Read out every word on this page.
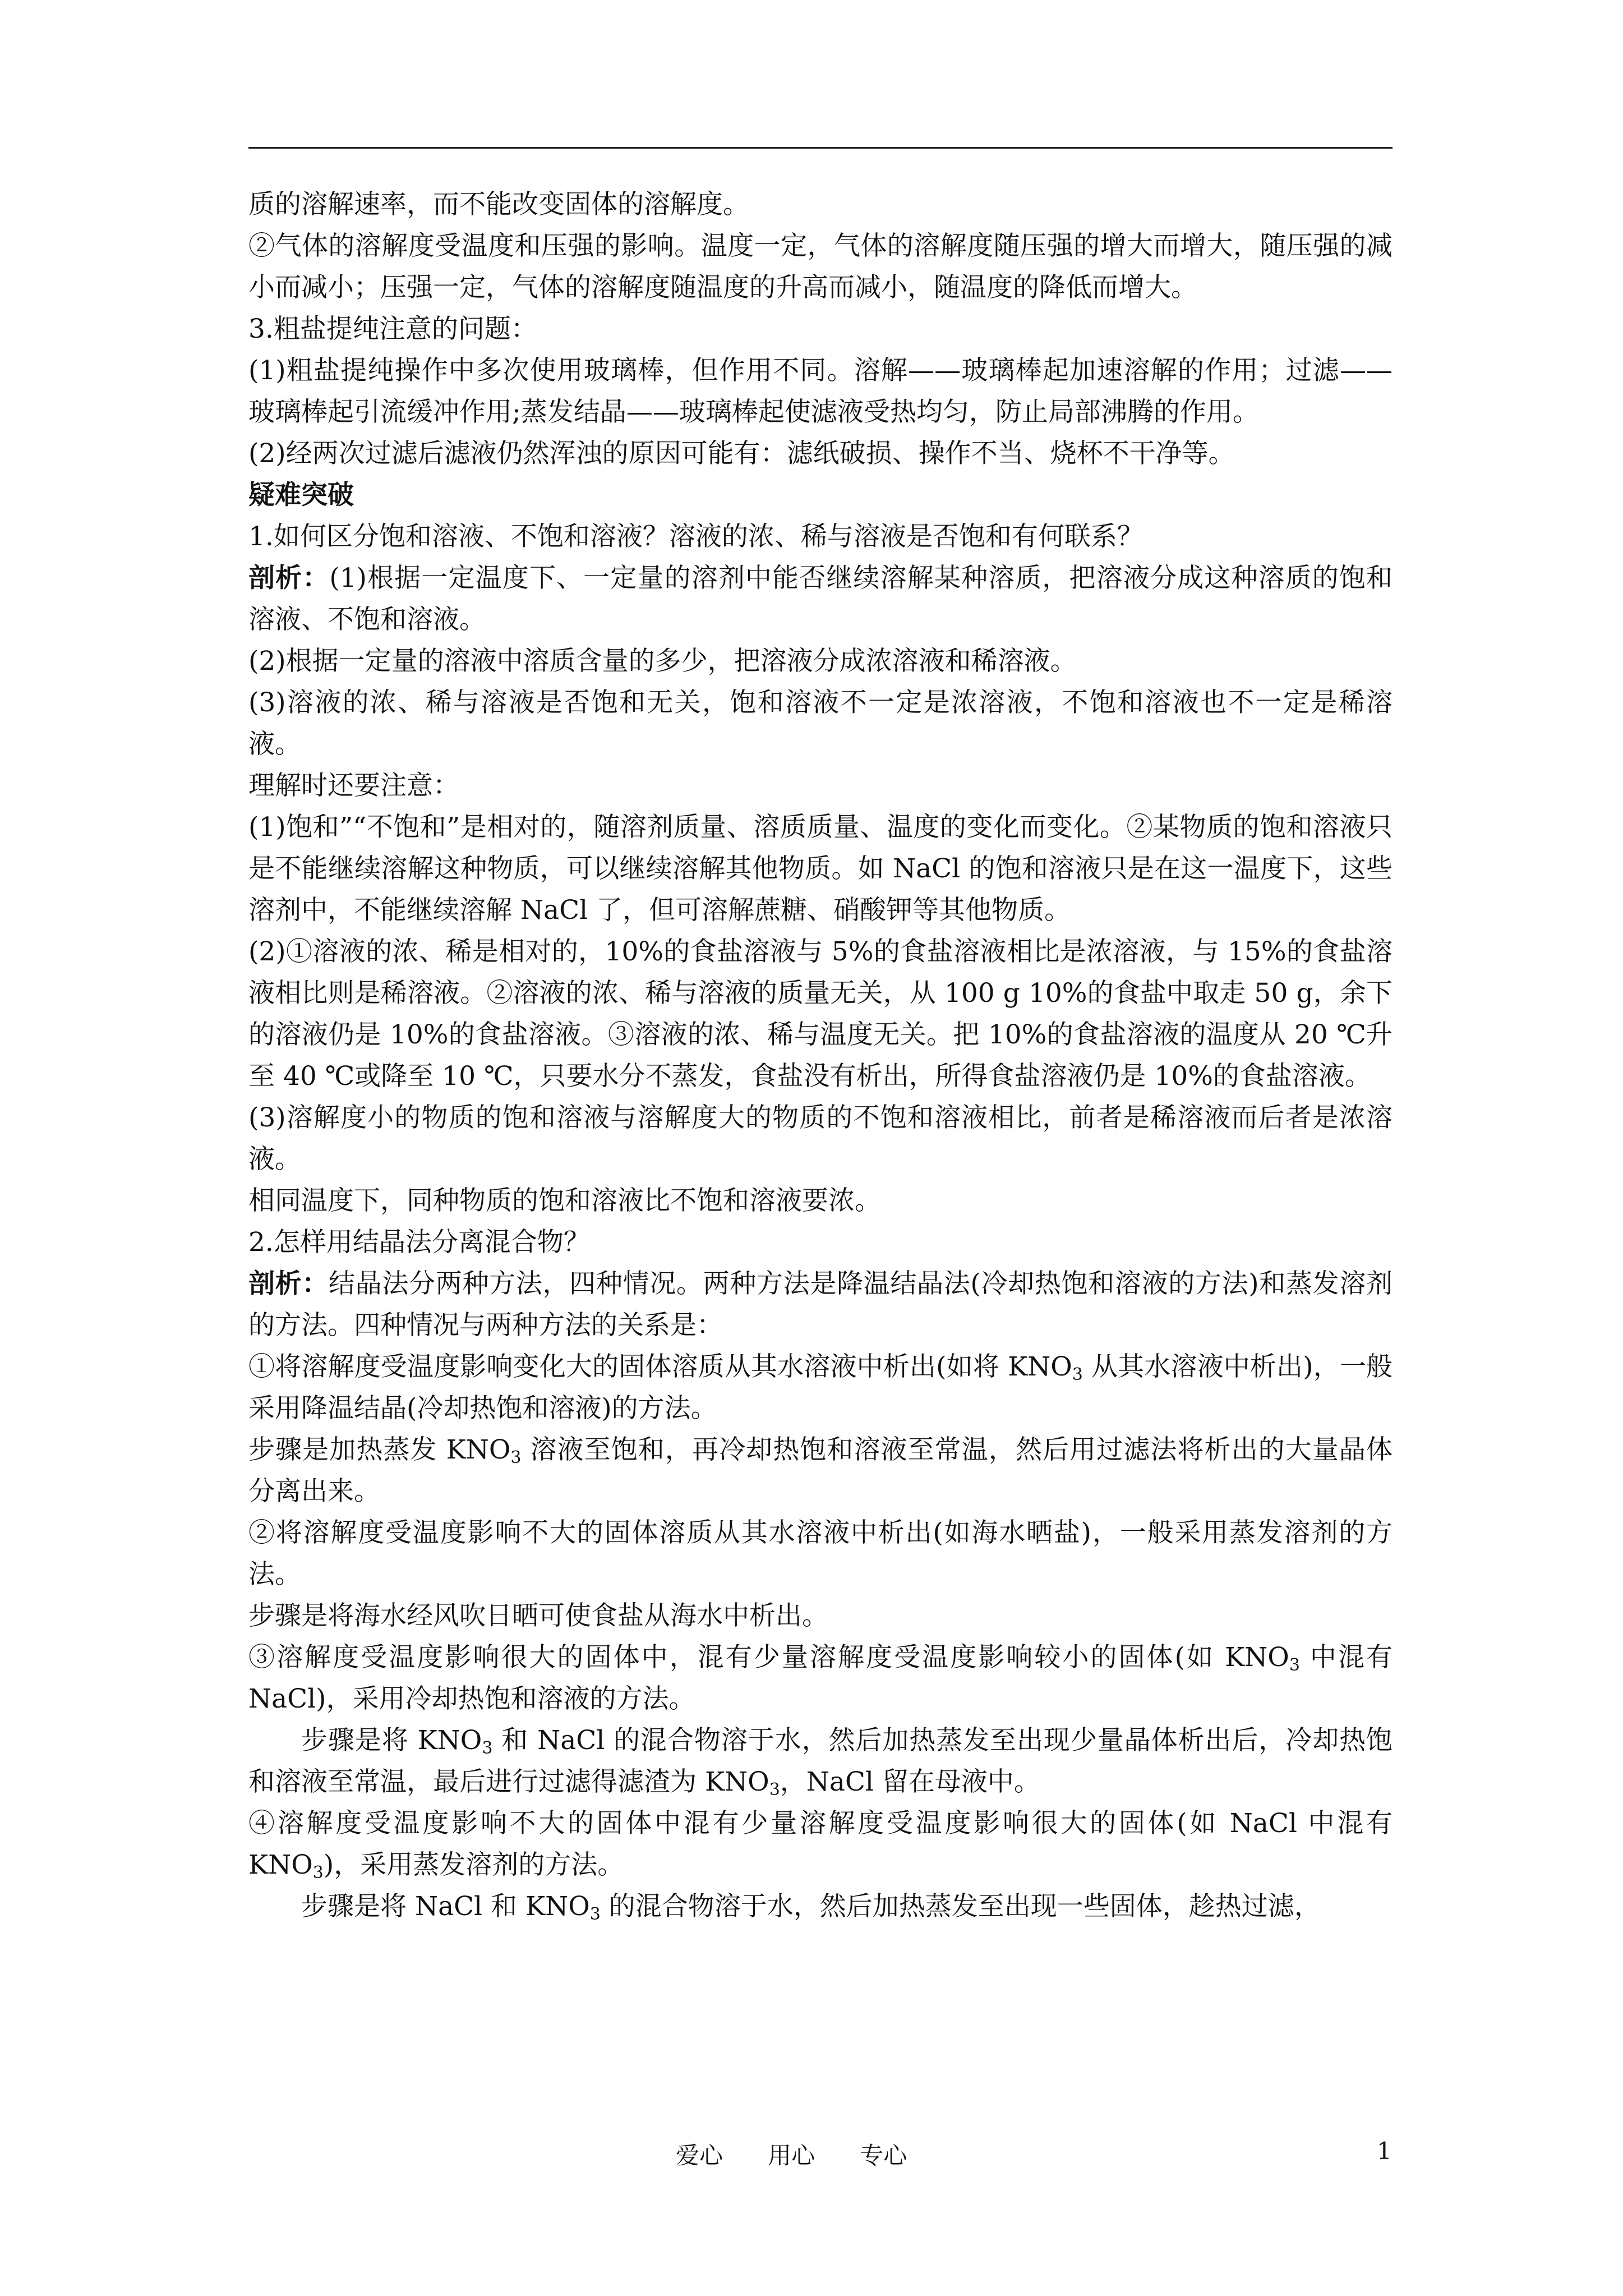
质的溶解速率，而不能改变固体的溶解度。

②气体的溶解度受温度和压强的影响。温度一定，气体的溶解度随压强的增大而增大，随压强的减小而减小；压强一定，气体的溶解度随温度的升高而减小，随温度的降低而增大。

3.粗盐提纯注意的问题：

(1)粗盐提纯操作中多次使用玻璃棒，但作用不同。溶解——玻璃棒起加速溶解的作用；过滤——玻璃棒起引流缓冲作用;蒸发结晶——玻璃棒起使滤液受热均匀，防止局部沸腾的作用。

(2)经两次过滤后滤液仍然浑浊的原因可能有：滤纸破损、操作不当、烧杯不干净等。

疑难突破

1.如何区分饱和溶液、不饱和溶液？溶液的浓、稀与溶液是否饱和有何联系？

剖析：(1)根据一定温度下、一定量的溶剂中能否继续溶解某种溶质，把溶液分成这种溶质的饱和溶液、不饱和溶液。

(2)根据一定量的溶液中溶质含量的多少，把溶液分成浓溶液和稀溶液。

(3)溶液的浓、稀与溶液是否饱和无关，饱和溶液不一定是浓溶液，不饱和溶液也不一定是稀溶液。

理解时还要注意：

(1)饱和”“不饱和”是相对的，随溶剂质量、溶质质量、温度的变化而变化。②某物质的饱和溶液只是不能继续溶解这种物质，可以继续溶解其他物质。如 NaCl 的饱和溶液只是在这一温度下，这些溶剂中，不能继续溶解 NaCl 了，但可溶解蔗糖、硝酸钾等其他物质。

(2)①溶液的浓、稀是相对的，10%的食盐溶液与 5%的食盐溶液相比是浓溶液，与 15%的食盐溶液相比则是稀溶液。②溶液的浓、稀与溶液的质量无关，从 100 g 10%的食盐中取走 50 g，余下的溶液仍是 10%的食盐溶液。③溶液的浓、稀与温度无关。把 10%的食盐溶液的温度从 20 ℃升至 40 ℃或降至 10 ℃，只要水分不蒸发，食盐没有析出，所得食盐溶液仍是 10%的食盐溶液。

(3)溶解度小的物质的饱和溶液与溶解度大的物质的不饱和溶液相比，前者是稀溶液而后者是浓溶液。

相同温度下，同种物质的饱和溶液比不饱和溶液要浓。

2.怎样用结晶法分离混合物？

剖析：结晶法分两种方法，四种情况。两种方法是降温结晶法(冷却热饱和溶液的方法)和蒸发溶剂的方法。四种情况与两种方法的关系是：

①将溶解度受温度影响变化大的固体溶质从其水溶液中析出(如将 $KNO_3$ 从其水溶液中析出)，一般采用降温结晶(冷却热饱和溶液)的方法。

步骤是加热蒸发 $KNO_3$ 溶液至饱和，再冷却热饱和溶液至常温，然后用过滤法将析出的大量晶体分离出来。

②将溶解度受温度影响不大的固体溶质从其水溶液中析出(如海水晒盐)，一般采用蒸发溶剂的方法。

步骤是将海水经风吹日晒可使食盐从海水中析出。

③溶解度受温度影响很大的固体中，混有少量溶解度受温度影响较小的固体(如 $KNO_3$ 中混有 NaCl)，采用冷却热饱和溶液的方法。

步骤是将 $KNO_3$ 和 NaCl 的混合物溶于水，然后加热蒸发至出现少量晶体析出后，冷却热饱和溶液至常温，最后进行过滤得滤渣为 $KNO_3$，NaCl 留在母液中。

④溶解度受温度影响不大的固体中混有少量溶解度受温度影响很大的固体(如 NaCl 中混有 $KNO_3$)，采用蒸发溶剂的方法。

步骤是将 NaCl 和 $KNO_3$ 的混合物溶于水，然后加热蒸发至出现一些固体，趁热过滤，

爱心      用心      专心	1
